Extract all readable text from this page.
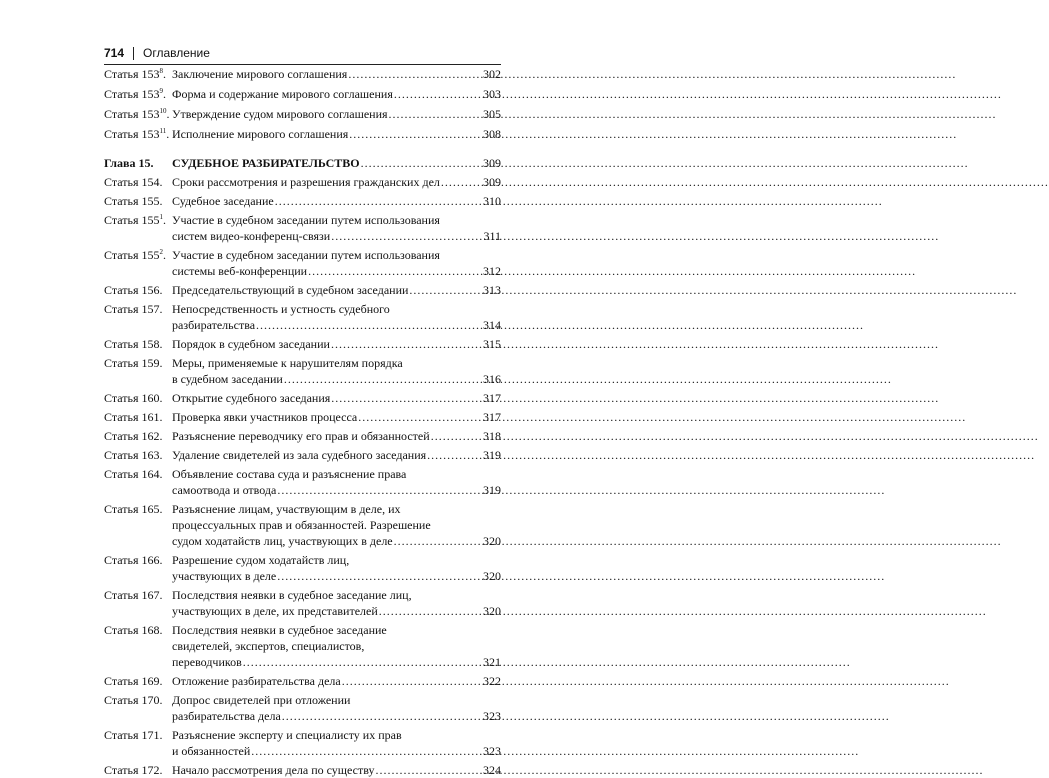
714 Оглавление
Статья $153^8$. Заключение мирового соглашения .....	302
Статья $153^9$. Форма и содержание мирового соглашения .....	303
Статья $153^{10}$. Утверждение судом мирового соглашения .....	305
Статья $153^{11}$. Исполнение мирового соглашения .....	308
Глава 15.	СУДЕБНОЕ РАЗБИРАТЕЛЬСТВО .....	309
Статья 154. Сроки рассмотрения и разрешения гражданских дел .....	309
Статья 155. Судебное заседание .....	310
Статья $155^1$. Участие в судебном заседании путем использования
систем видео-конференц-связи .....	311
Статья $155^2$. Участие в судебном заседании путем использования
системы веб-конференции .....	312
Статья 156. Председательствующий в судебном заседании .....	313
Статья 157. Непосредственность и устность судебного
разбирательства .....	314
Статья 158. Порядок в судебном заседании .....	315
Статья 159. Меры, применяемые к нарушителям порядка
в судебном заседании .....	316
Статья 160. Открытие судебного заседания .....	317
Статья 161. Проверка явки участников процесса .....	317
Статья 162. Разъяснение переводчику его прав и обязанностей .....	318
Статья 163. Удаление свидетелей из зала судебного заседания .....	319
Статья 164. Объявление состава суда и разъяснение права
самоотвода и отвода .....	319
Статья 165. Разъяснение лицам, участвующим в деле, их
процессуальных прав и обязанностей. Разрешение
судом ходатайств лиц, участвующих в деле .....	320
Статья 166. Разрешение судом ходатайств лиц,
участвующих в деле .....	320
Статья 167. Последствия неявки в судебное заседание лиц,
участвующих в деле, их представителей .....	320
Статья 168. Последствия неявки в судебное заседание
свидетелей, экспертов, специалистов,
переводчиков .....	321
Статья 169. Отложение разбирательства дела .....	322
Статья 170. Допрос свидетелей при отложении
разбирательства дела .....	323
Статья 171. Разъяснение эксперту и специалисту их прав
и обязанностей .....	323
Статья 172. Начало рассмотрения дела по существу .....	324
